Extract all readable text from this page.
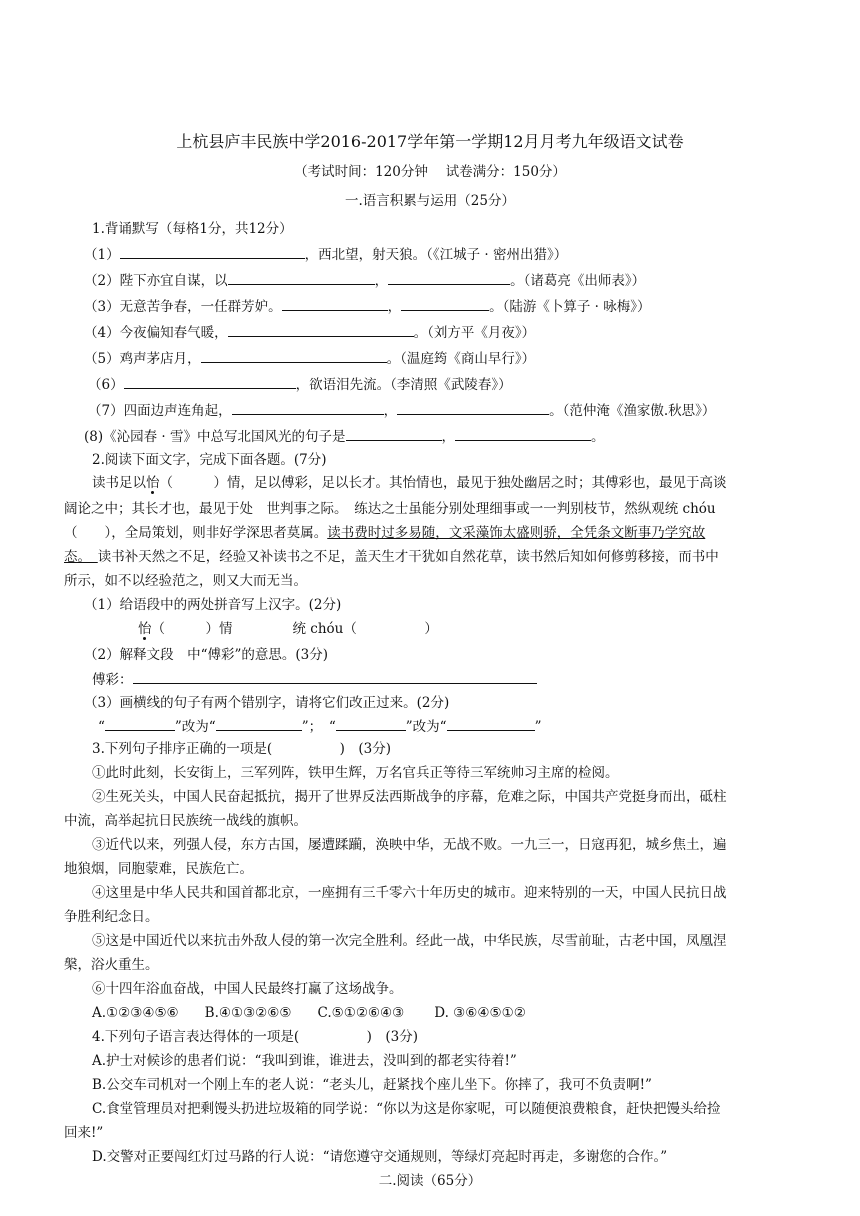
上杭县庐丰民族中学2016-2017学年第一学期12月月考九年级语文试卷
（考试时间：120分钟　 试卷满分：150分）
一.语言积累与运用（25分）
1.背诵默写（每格1分，共12分）
（1）	，西北望，射天狼。（《江城子 · 密州出猎》）
（2）陛下亦宜自谋，以	，	。（诸葛亮《出师表》）
（3）无意苦争春，一任群芳妒。	，	。（陆游《卜算子 · 咏梅》）
（4）今夜偏知春气暖，	。（刘方平《月夜》）
（5）鸡声茅店月，	。（温庭筠《商山早行》）
（6）	，欲语泪先流。（李清照《武陵春》）
（7）四面边声连角起，	，	。（范仲淹《渔家傲.秋思》）
(8)《沁园春 · 雪》中总写北国风光的句子是	，	。
2.阅读下面文字，完成下面各题。(7分)
读书足以怡（　　　）情，足以傅彩，足以长才。其怡情也，最见于独处幽居之时；其傅彩也，最见于高谈
阔论之中；其长才也，最见于处　世判事之际。　练达之士虽能分别处理细事或一一判别枝节，然纵观统 chóu
（　　），全局策划，则非好学深思者莫属。读书费时过多易随，文采藻饰太盛则骄，全凭条文断事乃学究故
态。　读书补天然之不足，经验又补读书之不足，盖天生才干犹如自然花草，读书然后知如何修剪移接，而书中
所示，如不以经验范之，则又大而无当。
（1）给语段中的两处拼音写上汉字。(2分)
怡（　　　）情	统 chóu（　　　　　）
（2）解释文段　中“傅彩”的意思。(3分)
傅彩：
（3）画横线的句子有两个错别字，请将它们改正过来。(2分)
“	”改为“	”；　“	”改为“	”
3.下列句子排序正确的一项是(　　　　　)　(3分)
①此时此刻，长安街上，三军列阵，铁甲生辉，万名官兵正等待三军统帅习主席的检阅。
②生死关头，中国人民奋起抵抗，揭开了世界反法西斯战争的序幕，危难之际，中国共产党挺身而出，砥柱
中流，高举起抗日民族统一战线的旗帜。
③近代以来，列强人侵，东方古国，屡遭蹂躏，涣映中华，无战不败。一九三一，日寇再犯，城乡焦土，遍
地狼烟，同胞蒙难，民族危亡。
④这里是中华人民共和国首都北京，一座拥有三千零六十年历史的城市。迎来特别的一天，中国人民抗日战
争胜利纪念日。
⑤这是中国近代以来抗击外敌人侵的第一次完全胜利。经此一战，中华民族，尽雪前耻，古老中国，凤凰涅
槃，浴火重生。
⑥十四年浴血奋战，中国人民最终打赢了这场战争。
A.①②③④⑤⑥ B.④①③②⑥⑤ C.⑤①②⑥④③ D. ③⑥④⑤①②
4.下列句子语言表达得体的一项是(　　　　　)　(3分)
A.护士对候诊的患者们说：“我叫到谁，谁进去，没叫到的都老实待着!”
B.公交车司机对一个刚上车的老人说：“老头儿，赶紧找个座儿坐下。你摔了，我可不负责啊!”
C.食堂管理员对把剩馒头扔进垃圾箱的同学说：“你以为这是你家呢，可以随便浪费粮食，赶快把馒头给捡
回来!”
D.交警对正要闯红灯过马路的行人说：“请您遵守交通规则，等绿灯亮起时再走，多谢您的合作。”
二.阅读（65分）
